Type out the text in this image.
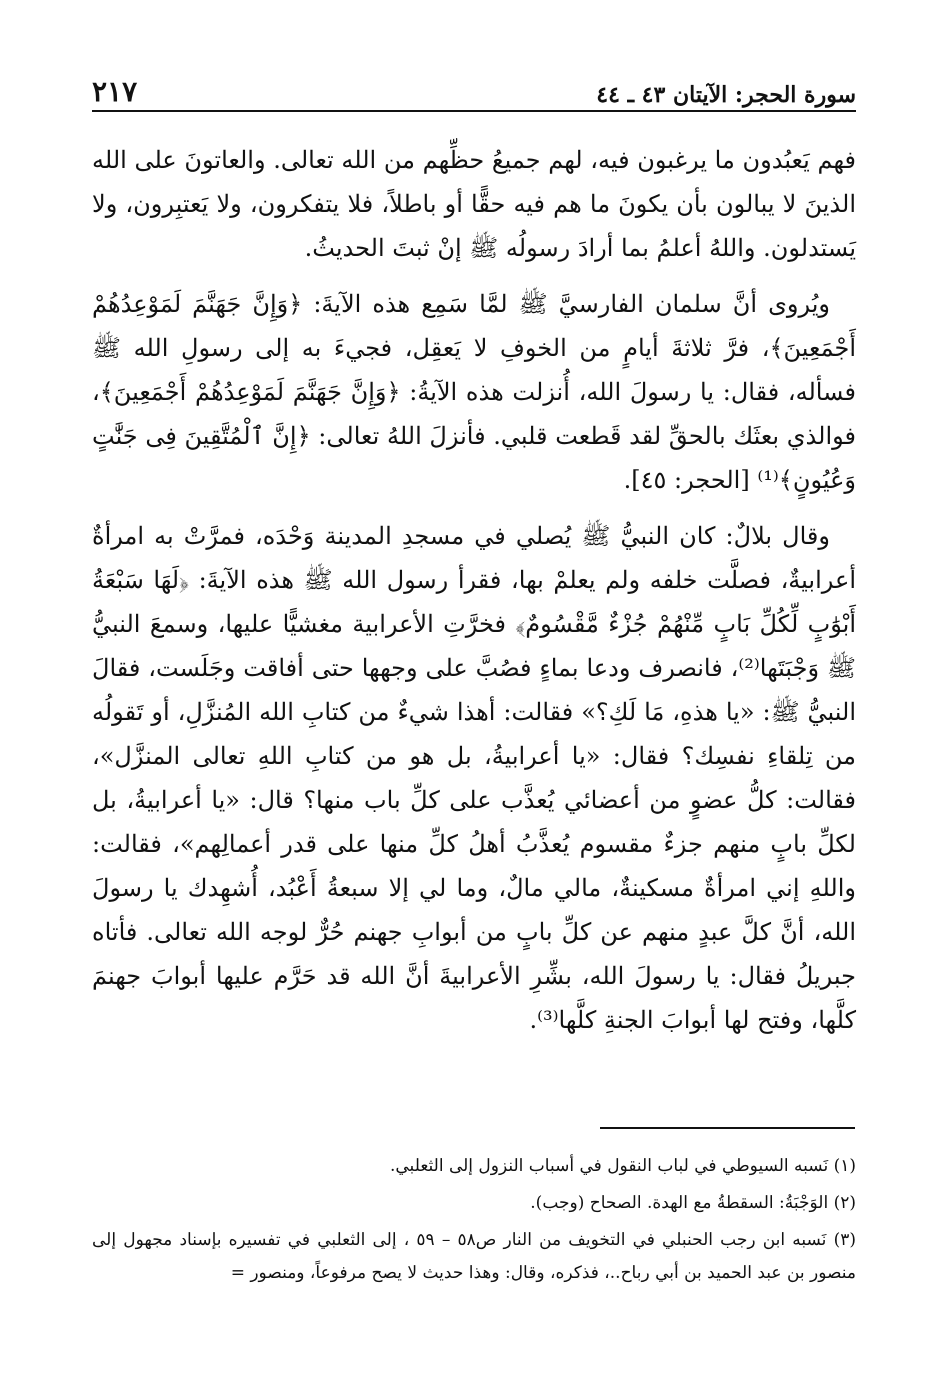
٢١٧	سورة الحجر: الآيتان ٤٣ ـ ٤٤

فهم يَعبُدون ما يرغبون فيه، لهم جميعُ حظِّهم من الله تعالى. والعاتونَ على الله الذينَ لا يبالون بأن يكونَ ما هم فيه حقًّا أو باطلاً، فلا يتفكرون، ولا يَعتبِرون، ولا يَستدلون. واللهُ أعلمُ بما أرادَ رسولُه ﷺ إنْ ثبتَ الحديثُ.

ويُروى أنَّ سلمان الفارسيَّ ﷺ لمَّا سَمِع هذه الآيةَ: ﴿وَإِنَّ جَهَنَّمَ لَمَوْعِدُهُمْ أَجْمَعِينَ﴾، فرَّ ثلاثةَ أيامٍ من الخوفِ لا يَعقِل، فجيءَ به إلى رسولِ الله ﷺ فسأله، فقال: يا رسولَ الله، أُنزلت هذه الآيةُ: ﴿وَإِنَّ جَهَنَّمَ لَمَوْعِدُهُمْ أَجْمَعِينَ﴾، فوالذي بعثَك بالحقِّ لقد قَطعت قلبي. فأنزلَ اللهُ تعالى: ﴿إِنَّ ٱلْمُتَّقِينَ فِى جَنَّٰتٍ وَعُيُونٍ﴾⁽¹⁾ [الحجر: ٤٥].

وقال بلالٌ: كان النبيُّ ﷺ يُصلي في مسجدِ المدينة وَحْدَه، فمرَّتْ به امرأةٌ أعرابيةٌ، فصلَّت خلفه ولم يعلمْ بها، فقرأ رسول الله ﷺ هذه الآيةَ: ﴿لَهَا سَبْعَةُ أَبْوَٰبٍ لِّكُلِّ بَابٍ مِّنْهُمْ جُزْءٌ مَّقْسُومٌ﴾ فخرَّتِ الأعرابية مغشيًّا عليها، وسمعَ النبيُّ ﷺ وَجْبَتَها⁽²⁾، فانصرف ودعا بماءٍ فصُبَّ على وجهها حتى أفاقت وجَلَست، فقالَ النبيُّ ﷺ: «يا هذهِ، مَا لَكِ؟» فقالت: أهذا شيءٌ من كتابِ الله المُنزَّلِ، أو تَقولُه من تِلقاءِ نفسِك؟ فقال: «يا أعرابيةُ، بل هو من كتابِ اللهِ تعالى المنزَّل»، فقالت: كلُّ عضوٍ من أعضائي يُعذَّب على كلِّ باب منها؟ قال: «يا أعرابيةُ، بل لكلِّ بابٍ منهم جزءٌ مقسوم يُعذَّبُ أهلُ كلِّ منها على قدر أعمالِهم»، فقالت: واللهِ إني امرأةٌ مسكينةٌ، مالي مالٌ، وما لي إلا سبعةُ أَعْبُد، أُشهِدك يا رسولَ الله، أنَّ كلَّ عبدٍ منهم عن كلِّ بابٍ من أبوابِ جهنم حُرٌّ لوجه الله تعالى. فأتاه جبريلُ فقال: يا رسولَ الله، بشِّرِ الأعرابيةَ أنَّ الله قد حَرَّم عليها أبوابَ جهنمَ كلَّها، وفتح لها أبوابَ الجنةِ كلَّها⁽³⁾.

(١) نَسبه السيوطي في لباب النقول في أسباب النزول إلى الثعلبي.

(٢) الوَجْبَةُ: السقطةُ مع الهدة. الصحاح (وجب).

(٣) نَسبه ابن رجب الحنبلي في التخويف من النار ص٥٨ – ٥٩ ، إلى الثعلبي في تفسيره بإسناد مجهول إلى منصور بن عبد الحميد بن أبي رباح..، فذكره، وقال: وهذا حديث لا يصح مرفوعاً، ومنصور =
